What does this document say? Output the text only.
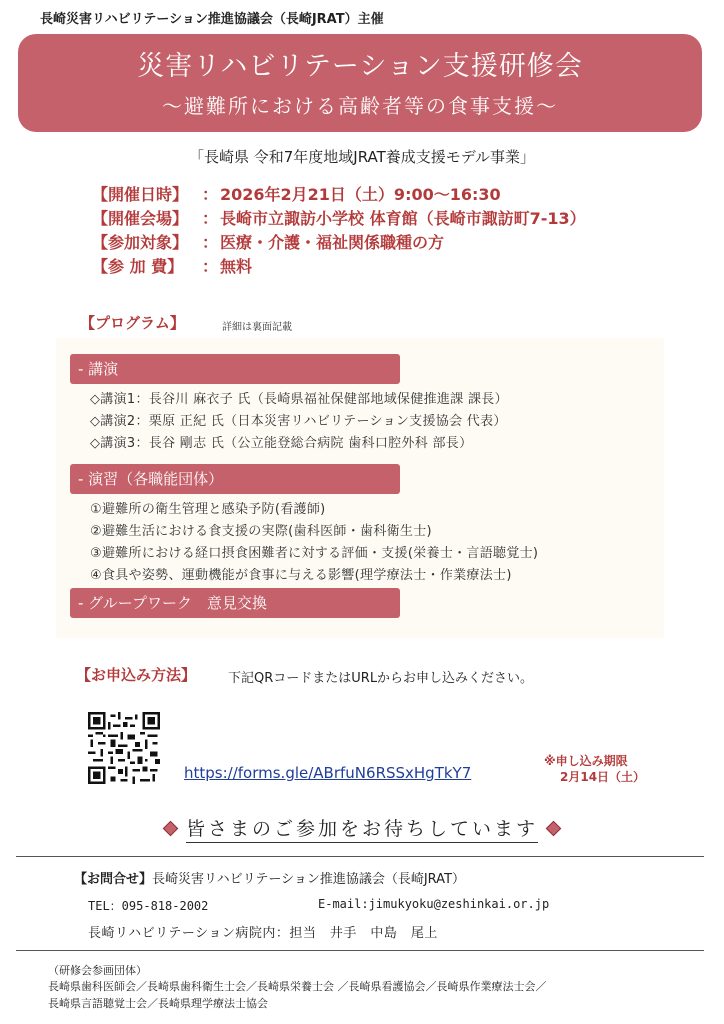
長崎災害リハビリテーション推進協議会（長崎JRAT）主催
災害リハビリテーション支援研修会
〜避難所における高齢者等の食事支援〜
「長崎県 令和7年度地域JRAT養成支援モデル事業」
【開催日時】 ： 2026年2月21日（土）9:00〜16:30
【開催会場】 ： 長崎市立諏訪小学校 体育館（長崎市諏訪町7-13）
【参加対象】 ： 医療・介護・福祉関係職種の方
【参 加 費】 ： 無料
【プログラム】	詳細は裏面記載
- 講演
◇講演1：長谷川 麻衣子 氏（長崎県福祉保健部地域保健推進課 課長）
◇講演2：栗原 正紀 氏（日本災害リハビリテーション支援協会 代表）
◇講演3：長谷 剛志 氏（公立能登総合病院 歯科口腔外科 部長）
- 演習（各職能団体）
①避難所の衛生管理と感染予防(看護師)
②避難生活における食支援の実際(歯科医師・歯科衛生士)
③避難所における経口摂食困難者に対する評価・支援(栄養士・言語聴覚士)
④食具や姿勢、運動機能が食事に与える影響(理学療法士・作業療法士)
- グループワーク　意見交換
【お申込み方法】 下記QRコードまたはURLからお申し込みください。
https://forms.gle/ABrfuN6RSSxHgTkY7
※申し込み期限
2月14日（土）
皆さまのご参加をお待ちしています
【お問合せ】長崎災害リハビリテーション推進協議会（長崎JRAT）
TEL：095-818-2002	E-mail:jimukyoku@zeshinkai.or.jp
長崎リハビリテーション病院内：担当　井手　中島　尾上
（研修会参画団体）
長崎県歯科医師会／長崎県歯科衛生士会／長崎県栄養士会 ／長崎県看護協会／長崎県作業療法士会／
長崎県言語聴覚士会／長崎県理学療法士協会
